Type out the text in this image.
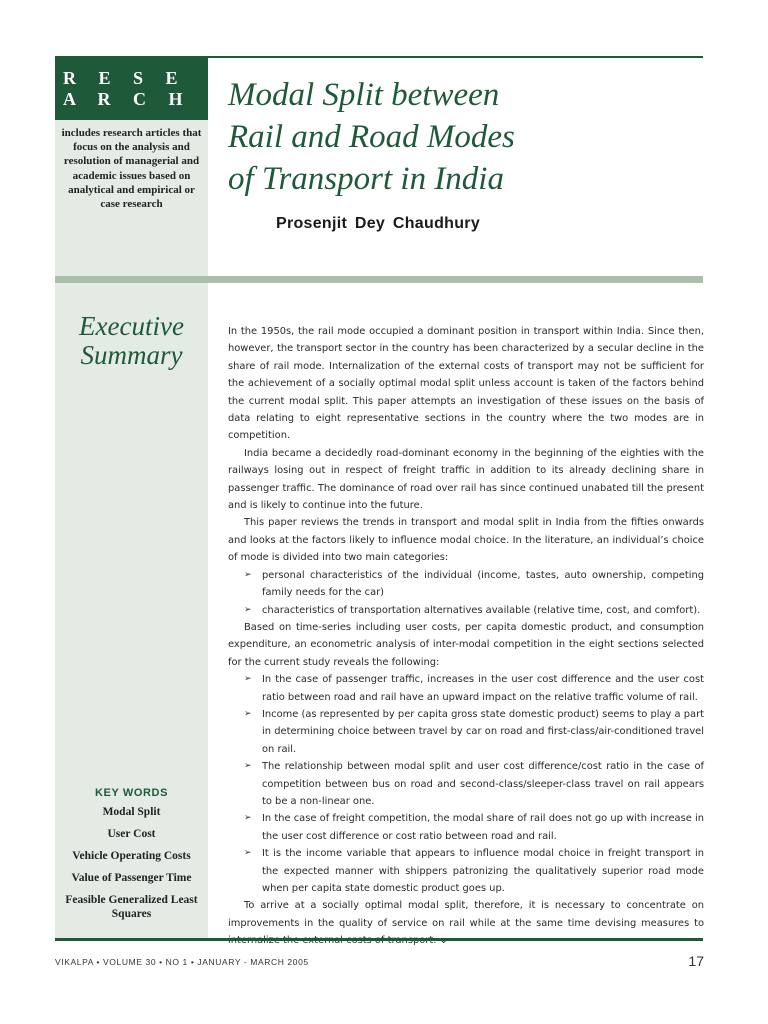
R E S E A R C H
includes research articles that focus on the analysis and resolution of managerial and academic issues based on analytical and empirical or case research
Modal Split between
Rail and Road Modes
of Transport in India
Prosenjit Dey Chaudhury
Executive
Summary
KEY WORDS
Modal Split
User Cost
Vehicle Operating Costs
Value of Passenger Time
Feasible Generalized Least Squares

In the 1950s, the rail mode occupied a dominant position in transport within India. Since then, however, the transport sector in the country has been characterized by a secular decline in the share of rail mode. Internalization of the external costs of transport may not be sufficient for the achievement of a socially optimal modal split unless account is taken of the factors behind the current modal split. This paper attempts an investigation of these issues on the basis of data relating to eight representative sections in the country where the two modes are in competition.

India became a decidedly road-dominant economy in the beginning of the eighties with the railways losing out in respect of freight traffic in addition to its already declining share in passenger traffic. The dominance of road over rail has since continued unabated till the present and is likely to continue into the future.

This paper reviews the trends in transport and modal split in India from the fifties onwards and looks at the factors likely to influence modal choice. In the literature, an individual’s choice of mode is divided into two main categories:

➢ personal characteristics of the individual (income, tastes, auto ownership, competing family needs for the car)
➢ characteristics of transportation alternatives available (relative time, cost, and comfort).

Based on time-series including user costs, per capita domestic product, and consumption expenditure, an econometric analysis of inter-modal competition in the eight sections selected for the current study reveals the following:

➢ In the case of passenger traffic, increases in the user cost difference and the user cost ratio between road and rail have an upward impact on the relative traffic volume of rail.
➢ Income (as represented by per capita gross state domestic product) seems to play a part in determining choice between travel by car on road and first-class/air-conditioned travel on rail.
➢ The relationship between modal split and user cost difference/cost ratio in the case of competition between bus on road and second-class/sleeper-class travel on rail appears to be a non-linear one.
➢ In the case of freight competition, the modal share of rail does not go up with increase in the user cost difference or cost ratio between road and rail.
➢ It is the income variable that appears to influence modal choice in freight transport in the expected manner with shippers patronizing the qualitatively superior road mode when per capita state domestic product goes up.

To arrive at a socially optimal modal split, therefore, it is necessary to concentrate on improvements in the quality of service on rail while at the same time devising measures to

VIKALPA • VOLUME 30 • NO 1 • JANUARY - MARCH 2005	17
